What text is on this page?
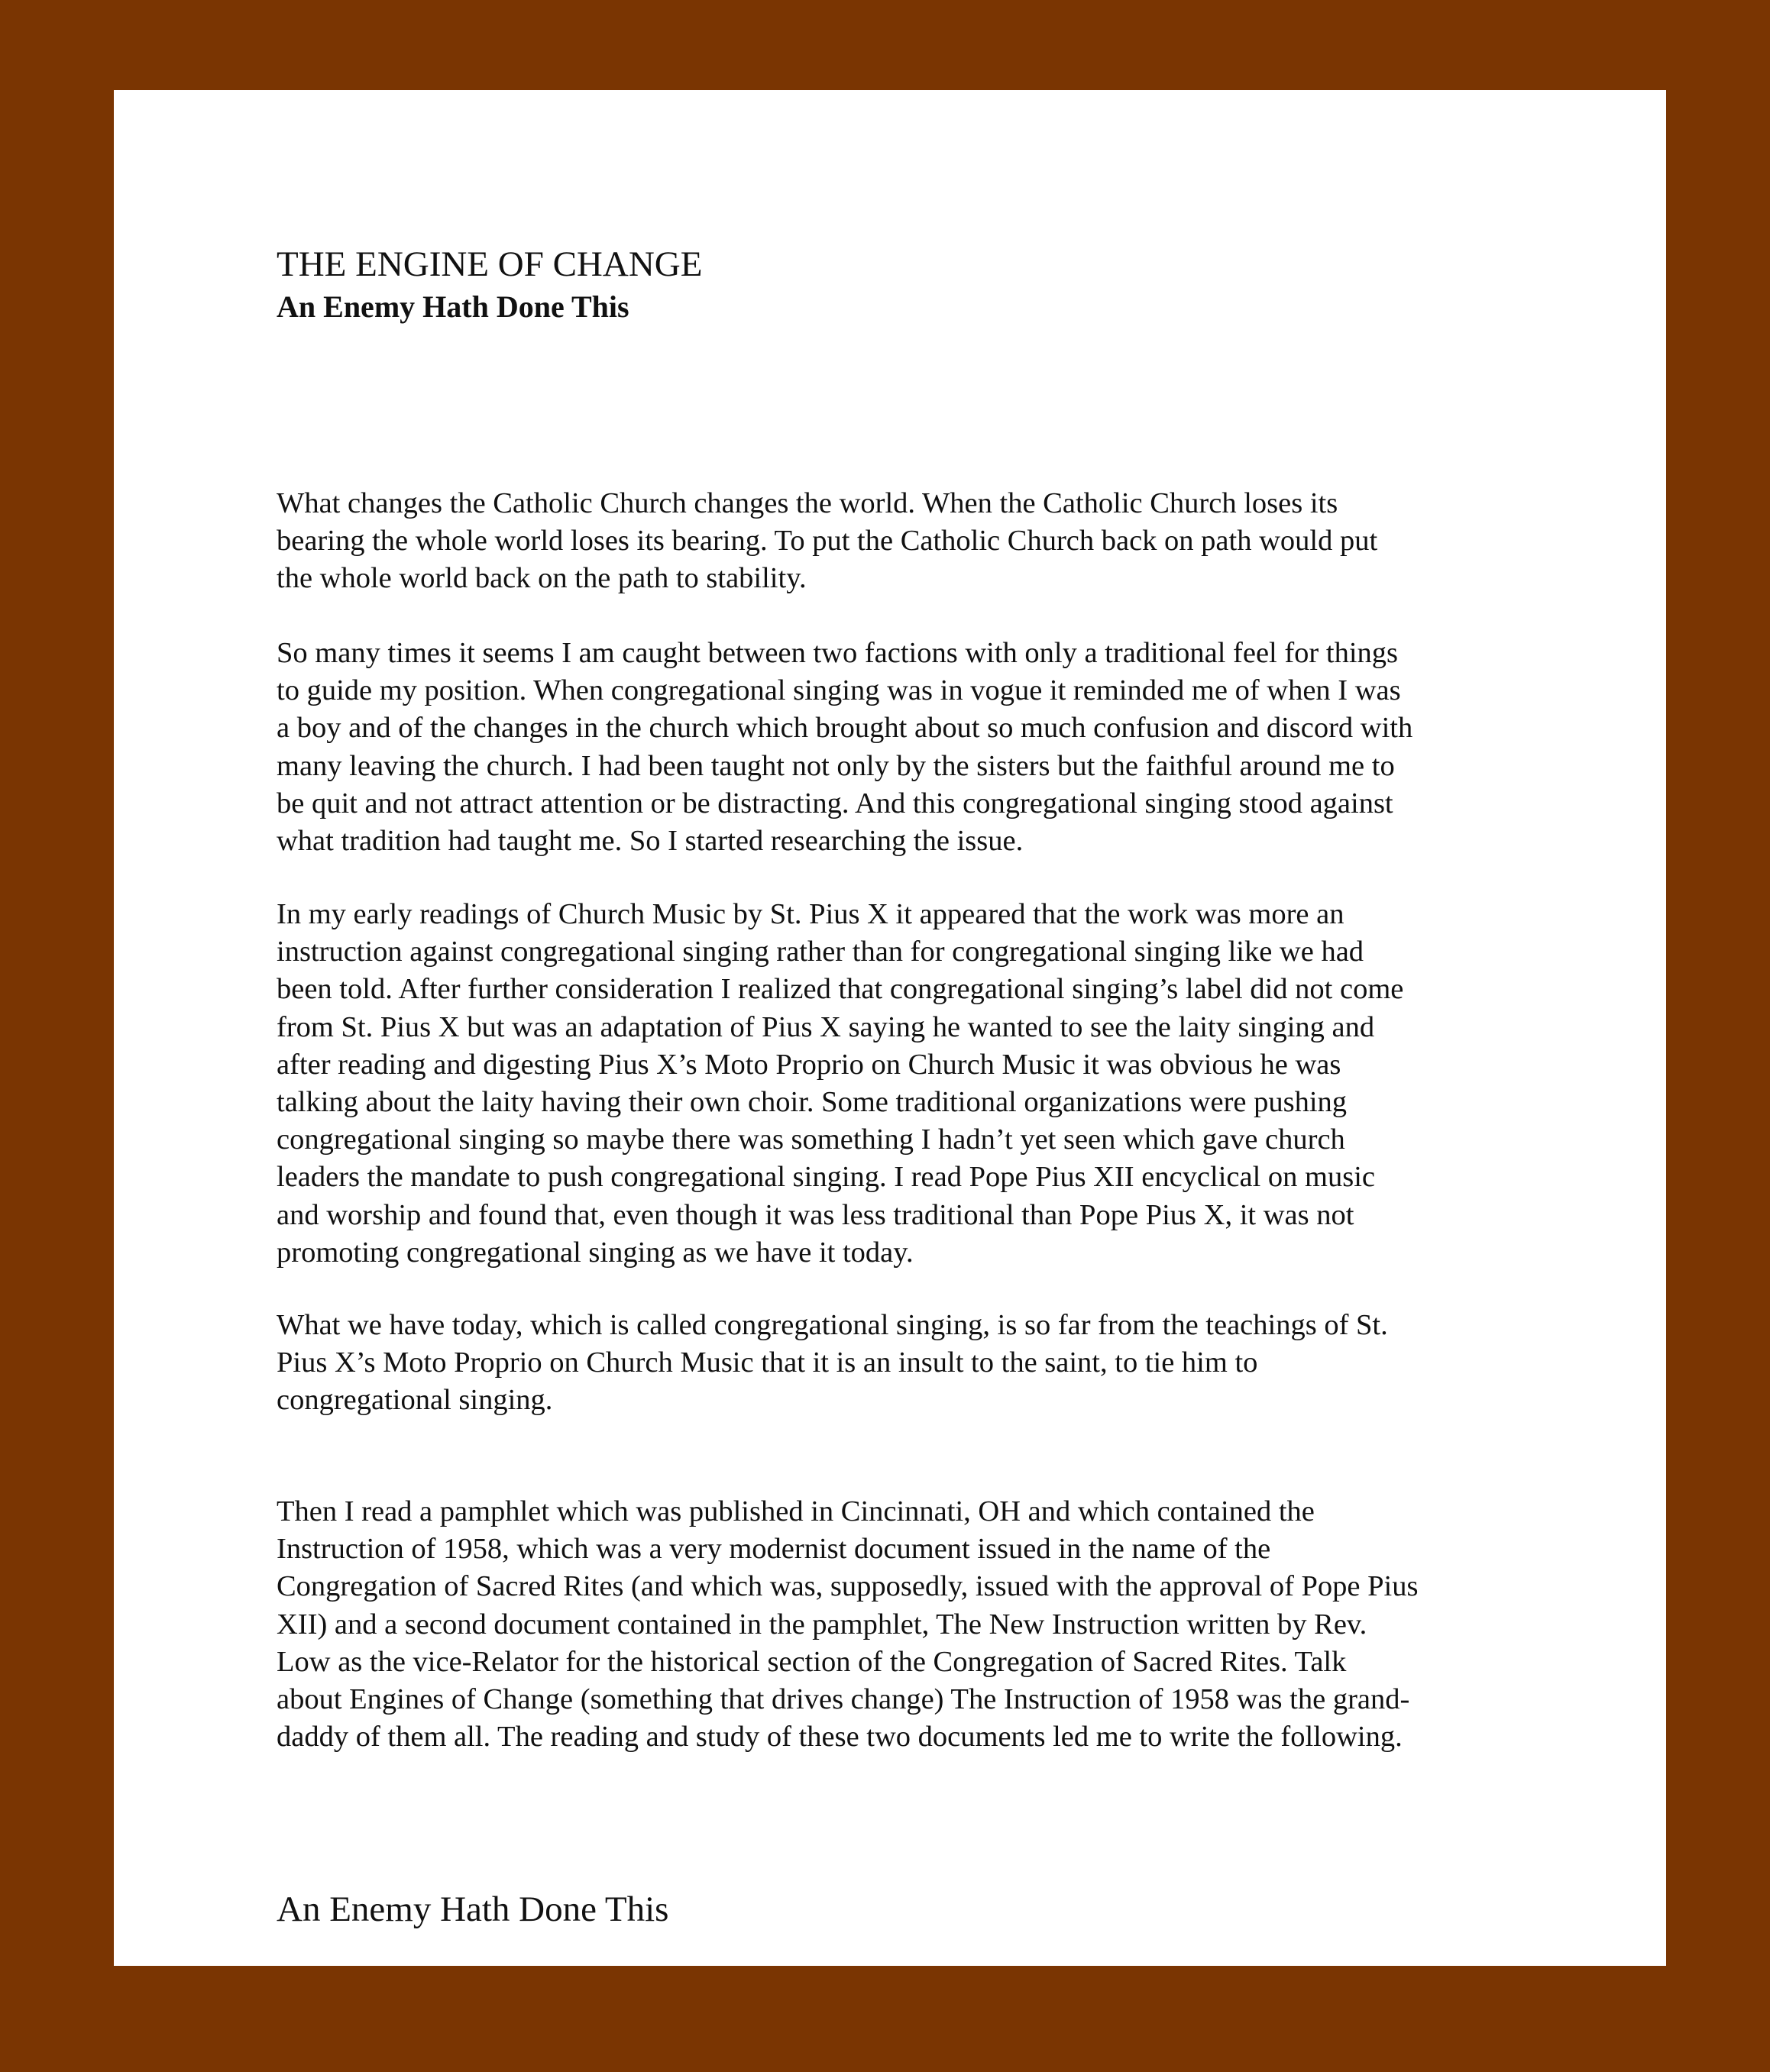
THE ENGINE OF CHANGE
An Enemy Hath Done This

What changes the Catholic Church changes the world. When the Catholic Church loses its
bearing the whole world loses its bearing. To put the Catholic Church back on path would put
the whole world back on the path to stability.

So many times it seems I am caught between two factions with only a traditional feel for things
to guide my position. When congregational singing was in vogue it reminded me of when I was
a boy and of the changes in the church which brought about so much confusion and discord with
many leaving the church. I had been taught not only by the sisters but the faithful around me to
be quit and not attract attention or be distracting. And this congregational singing stood against
what tradition had taught me. So I started researching the issue.

In my early readings of Church Music by St. Pius X it appeared that the work was more an
instruction against congregational singing rather than for congregational singing like we had
been told. After further consideration I realized that congregational singing’s label did not come
from St. Pius X but was an adaptation of Pius X saying he wanted to see the laity singing and
after reading and digesting Pius X’s Moto Proprio on Church Music it was obvious he was
talking about the laity having their own choir. Some traditional organizations were pushing
congregational singing so maybe there was something I hadn’t yet seen which gave church
leaders the mandate to push congregational singing. I read Pope Pius XII encyclical on music
and worship and found that, even though it was less traditional than Pope Pius X, it was not
promoting congregational singing as we have it today.

What we have today, which is called congregational singing, is so far from the teachings of St.
Pius X’s Moto Proprio on Church Music that it is an insult to the saint, to tie him to
congregational singing.

Then I read a pamphlet which was published in Cincinnati, OH and which contained the
Instruction of 1958, which was a very modernist document issued in the name of the
Congregation of Sacred Rites (and which was, supposedly, issued with the approval of Pope Pius
XII) and a second document contained in the pamphlet, The New Instruction written by Rev.
Low as the vice-Relator for the historical section of the Congregation of Sacred Rites. Talk
about Engines of Change (something that drives change) The Instruction of 1958 was the grand-
daddy of them all. The reading and study of these two documents led me to write the following.

An Enemy Hath Done This
